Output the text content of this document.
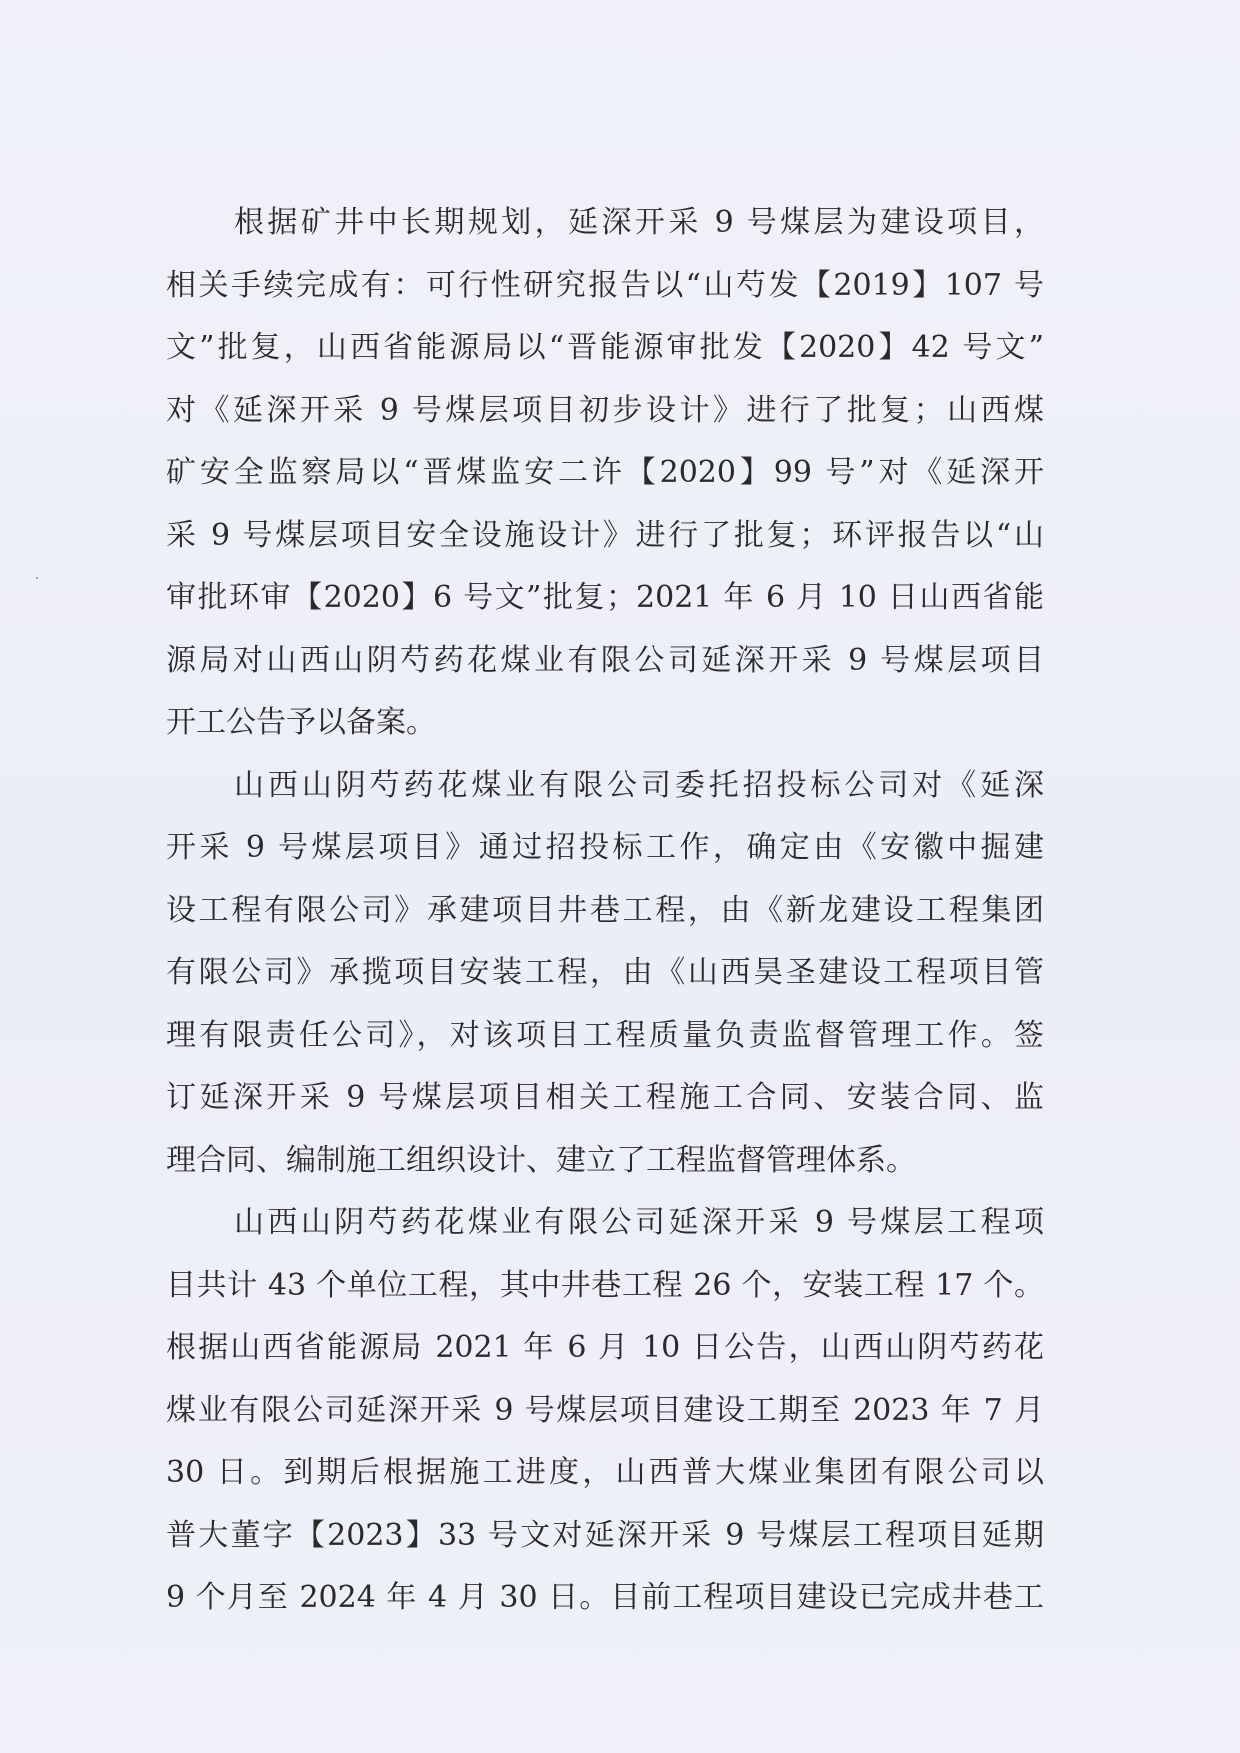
根据矿井中长期规划，延深开采 9 号煤层为建设项目，
相关手续完成有：可行性研究报告以“山芍发【2019】107 号
文”批复，山西省能源局以“晋能源审批发【2020】42 号文”
对《延深开采 9 号煤层项目初步设计》进行了批复；山西煤
矿安全监察局以“晋煤监安二许【2020】99 号”对《延深开
采 9 号煤层项目安全设施设计》进行了批复；环评报告以“山
审批环审【2020】6 号文”批复；2021 年 6 月 10 日山西省能
源局对山西山阴芍药花煤业有限公司延深开采 9 号煤层项目
开工公告予以备案。
山西山阴芍药花煤业有限公司委托招投标公司对《延深
开采 9 号煤层项目》通过招投标工作，确定由《安徽中掘建
设工程有限公司》承建项目井巷工程，由《新龙建设工程集团
有限公司》承揽项目安装工程，由《山西昊圣建设工程项目管
理有限责任公司》，对该项目工程质量负责监督管理工作。签
订延深开采 9 号煤层项目相关工程施工合同、安装合同、监
理合同、编制施工组织设计、建立了工程监督管理体系。
山西山阴芍药花煤业有限公司延深开采 9 号煤层工程项
目共计 43 个单位工程，其中井巷工程 26 个，安装工程 17 个。
根据山西省能源局 2021 年 6 月 10 日公告，山西山阴芍药花
煤业有限公司延深开采 9 号煤层项目建设工期至 2023 年 7 月
30 日。到期后根据施工进度，山西普大煤业集团有限公司以
普大董字【2023】33 号文对延深开采 9 号煤层工程项目延期
9 个月至 2024 年 4 月 30 日。目前工程项目建设已完成井巷工
